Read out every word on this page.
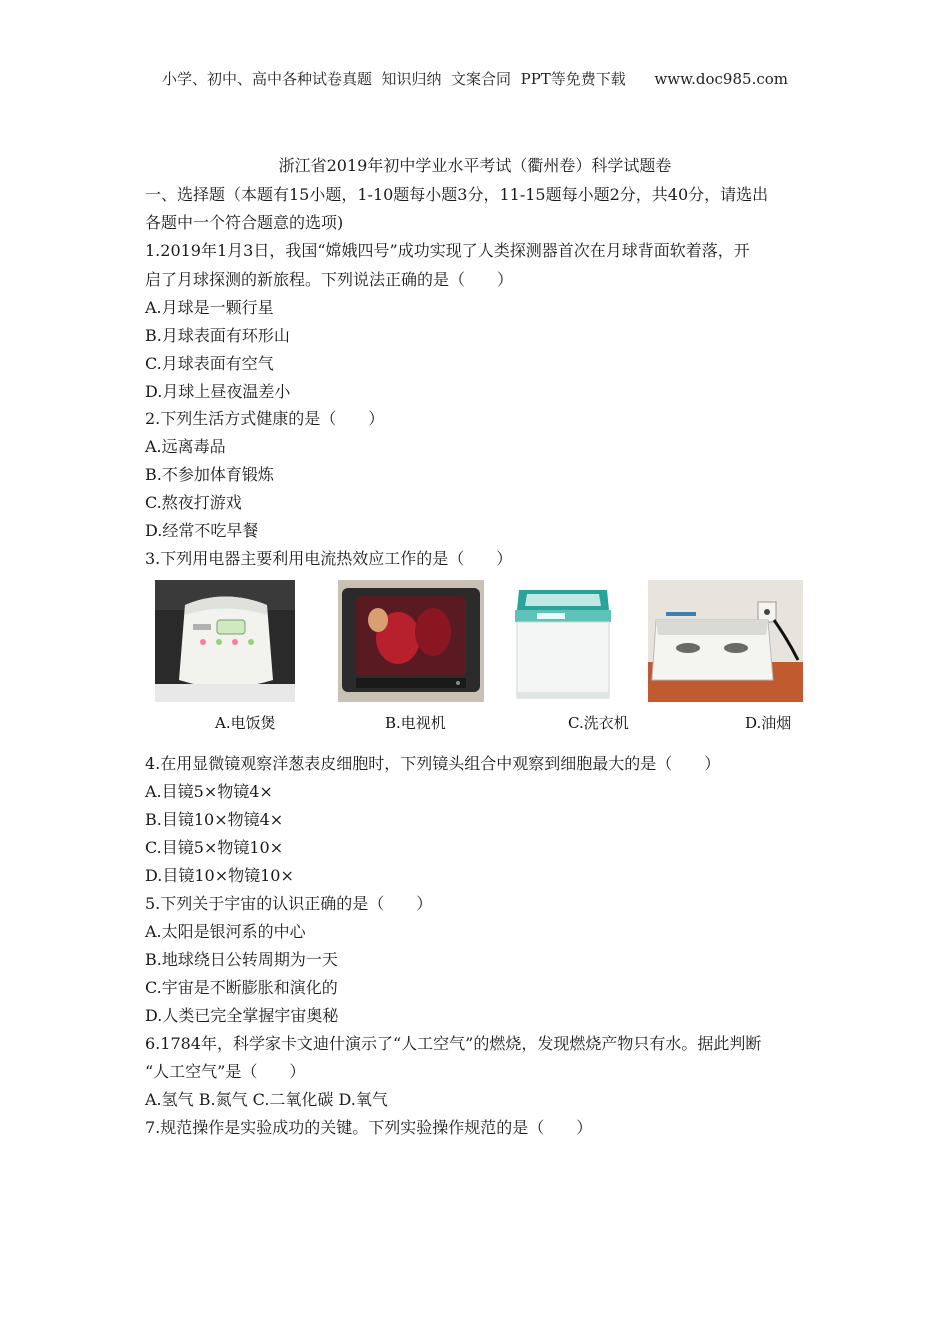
小学、初中、高中各种试卷真题  知识归纳  文案合同  PPT等免费下载      www.doc985.com
浙江省2019年初中学业水平考试（衢州卷）科学试题卷
一、选择题（本题有15小题，1-10题每小题3分，11-15题每小题2分，共40分，请选出
各题中一个符合题意的选项)
1.2019年1月3日，我国“嫦娥四号”成功实现了人类探测器首次在月球背面软着落，开
启了月球探测的新旅程。下列说法正确的是（　　）
A.月球是一颗行星
B.月球表面有环形山
C.月球表面有空气
D.月球上昼夜温差小
2.下列生活方式健康的是（　　）
A.远离毒品
B.不参加体育锻炼
C.熬夜打游戏
D.经常不吃早餐
3.下列用电器主要利用电流热效应工作的是（　　）
A.电饭煲	B.电视机	C.洗衣机	D.油烟
4.在用显微镜观察洋葱表皮细胞时，下列镜头组合中观察到细胞最大的是（　　）
A.目镜5×物镜4×
B.目镜10×物镜4×
C.目镜5×物镜10×
D.目镜10×物镜10×
5.下列关于宇宙的认识正确的是（　　）
A.太阳是银河系的中心
B.地球绕日公转周期为一天
C.宇宙是不断膨胀和演化的
D.人类已完全掌握宇宙奥秘
6.1784年，科学家卡文迪什演示了“人工空气”的燃烧，发现燃烧产物只有水。据此判断
“人工空气”是（　　）
A.氢气 B.氮气 C.二氧化碳 D.氧气
7.规范操作是实验成功的关键。下列实验操作规范的是（　　）
